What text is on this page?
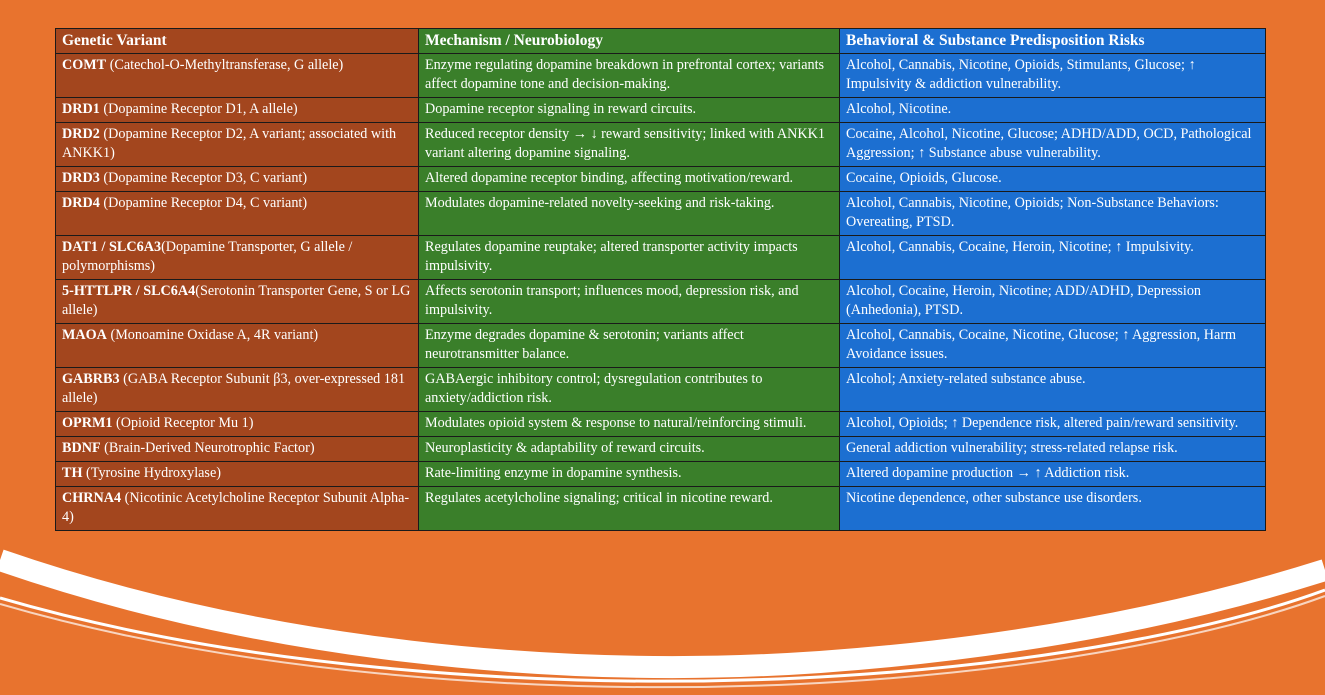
Genetic Variant	Mechanism / Neurobiology	Behavioral & Substance Predisposition Risks
COMT (Catechol-O-Methyltransferase, G allele)	Enzyme regulating dopamine breakdown in prefrontal cortex; variants affect dopamine tone and decision-making.	Alcohol, Cannabis, Nicotine, Opioids, Stimulants, Glucose; ↑ Impulsivity & addiction vulnerability.
DRD1 (Dopamine Receptor D1, A allele)	Dopamine receptor signaling in reward circuits.	Alcohol, Nicotine.
DRD2 (Dopamine Receptor D2, A variant; associated with ANKK1)	Reduced receptor density → ↓ reward sensitivity; linked with ANKK1 variant altering dopamine signaling.	Cocaine, Alcohol, Nicotine, Glucose; ADHD/ADD, OCD, Pathological Aggression; ↑ Substance abuse vulnerability.
DRD3 (Dopamine Receptor D3, C variant)	Altered dopamine receptor binding, affecting motivation/reward.	Cocaine, Opioids, Glucose.
DRD4 (Dopamine Receptor D4, C variant)	Modulates dopamine-related novelty-seeking and risk-taking.	Alcohol, Cannabis, Nicotine, Opioids; Non-Substance Behaviors: Overeating, PTSD.
DAT1 / SLC6A3(Dopamine Transporter, G allele / polymorphisms)	Regulates dopamine reuptake; altered transporter activity impacts impulsivity.	Alcohol, Cannabis, Cocaine, Heroin, Nicotine; ↑ Impulsivity.
5-HTTLPR / SLC6A4(Serotonin Transporter Gene, S or LG allele)	Affects serotonin transport; influences mood, depression risk, and impulsivity.	Alcohol, Cocaine, Heroin, Nicotine; ADD/ADHD, Depression (Anhedonia), PTSD.
MAOA (Monoamine Oxidase A, 4R variant)	Enzyme degrades dopamine & serotonin; variants affect neurotransmitter balance.	Alcohol, Cannabis, Cocaine, Nicotine, Glucose; ↑ Aggression, Harm Avoidance issues.
GABRB3 (GABA Receptor Subunit β3, over-expressed 181 allele)	GABAergic inhibitory control; dysregulation contributes to anxiety/addiction risk.	Alcohol; Anxiety-related substance abuse.
OPRM1 (Opioid Receptor Mu 1)	Modulates opioid system & response to natural/reinforcing stimuli.	Alcohol, Opioids; ↑ Dependence risk, altered pain/reward sensitivity.
BDNF (Brain-Derived Neurotrophic Factor)	Neuroplasticity & adaptability of reward circuits.	General addiction vulnerability; stress-related relapse risk.
TH (Tyrosine Hydroxylase)	Rate-limiting enzyme in dopamine synthesis.	Altered dopamine production → ↑ Addiction risk.
CHRNA4 (Nicotinic Acetylcholine Receptor Subunit Alpha-4)	Regulates acetylcholine signaling; critical in nicotine reward.	Nicotine dependence, other substance use disorders.
